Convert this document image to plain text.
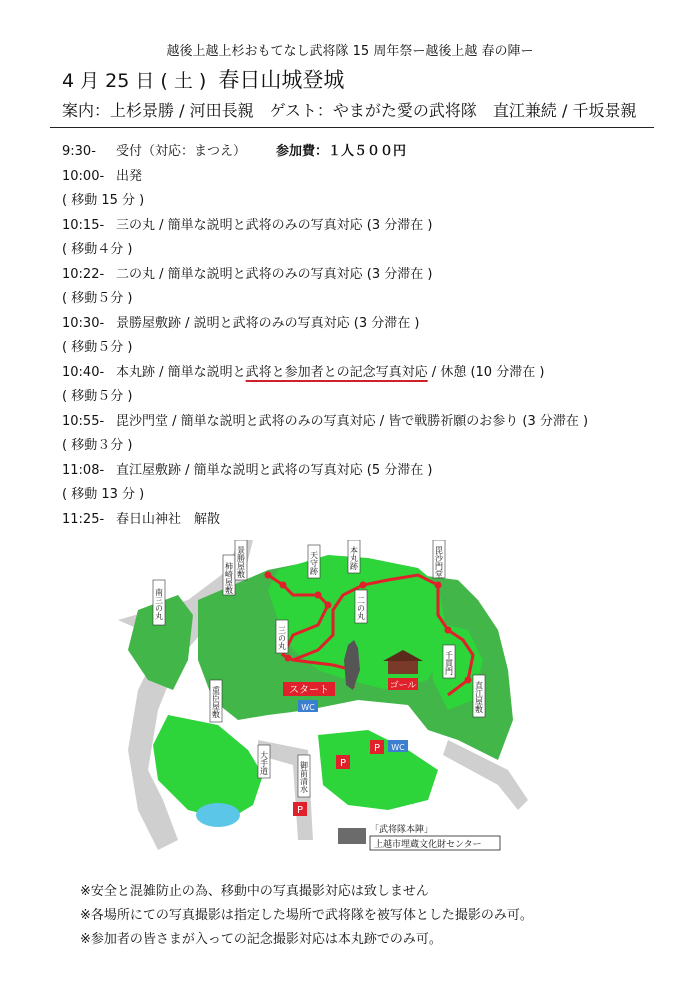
越後上越上杉おもてなし武将隊 15 周年祭ー越後上越 春の陣ー
4 月 25 日 ( 土 ) 春日山城登城
案内：上杉景勝 / 河田長親　ゲスト：やまがた愛の武将隊　直江兼続 / 千坂景親
9:30- 受付（対応：まつえ） 参加費：１人５００円
10:00- 出発
( 移動 15 分 )
10:15- 三の丸 / 簡単な説明と武将のみの写真対応 (3 分滞在 )
( 移動４分 )
10:22- 二の丸 / 簡単な説明と武将のみの写真対応 (3 分滞在 )
( 移動５分 )
10:30- 景勝屋敷跡 / 説明と武将のみの写真対応 (3 分滞在 )
( 移動５分 )
10:40- 本丸跡 / 簡単な説明と武将と参加者との記念写真対応 / 休憩 (10 分滞在 )
( 移動５分 )
10:55- 毘沙門堂 / 簡単な説明と武将のみの写真対応 / 皆で戦勝祈願のお参り (3 分滞在 )
( 移動３分 )
11:08- 直江屋敷跡 / 簡単な説明と武将の写真対応 (5 分滞在 )
( 移動 13 分 )
11:25- 春日山神社　解散
スタート	ゴール
WC
P WC
P
P
南三の丸
柿崎屋敷 景勝屋敷	天守跡	本丸跡	毘沙門堂
二の丸
三の丸
千貫門
直江屋敷
重臣屋敷
大手道	御前清水
「武将隊本陣」
上越市埋蔵文化財センター
※安全と混雑防止の為、移動中の写真撮影対応は致しません
※各場所にての写真撮影は指定した場所で武将隊を被写体とした撮影のみ可。
※参加者の皆さまが入っての記念撮影対応は本丸跡でのみ可。
